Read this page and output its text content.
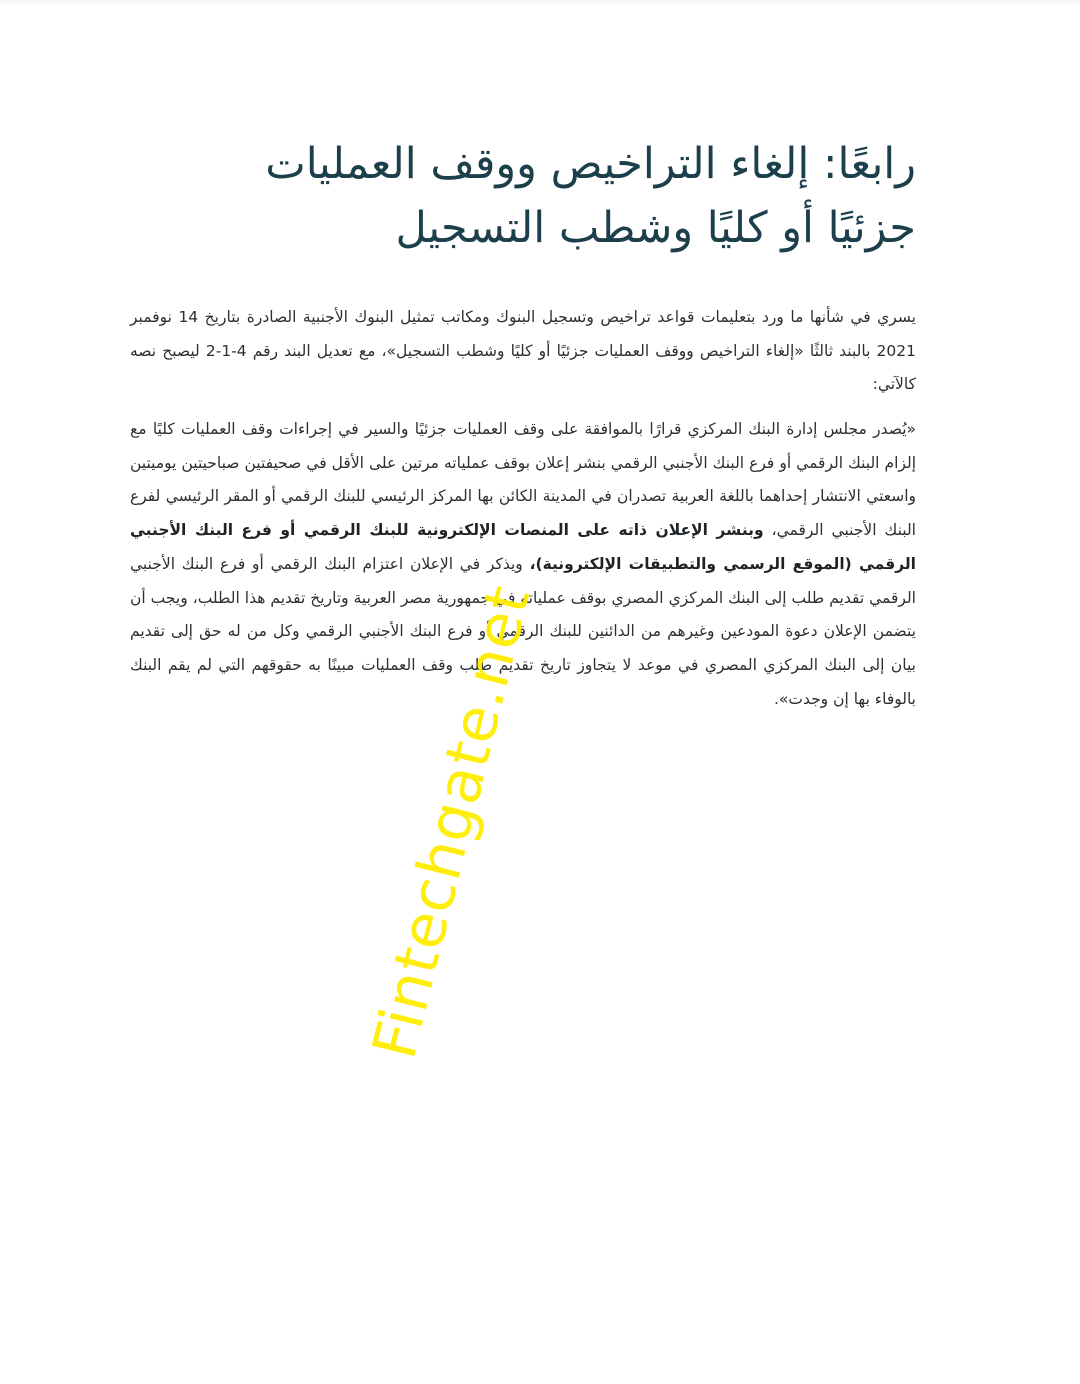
رابعًا: إلغاء التراخيص ووقف العمليات
جزئيًا أو كليًا وشطب التسجيل

يسري في شأنها ما ورد بتعليمات قواعد تراخيص وتسجيل البنوك ومكاتب تمثيل البنوك الأجنبية الصادرة بتاريخ 14 نوفمبر 2021 بالبند ثالثًا «إلغاء التراخيص ووقف العمليات جزئيًا أو كليًا وشطب التسجيل»، مع تعديل البند رقم 4-1-2 ليصبح نصه كالآتي:

«يُصدر مجلس إدارة البنك المركزي قرارًا بالموافقة على وقف العمليات جزئيًا والسير في إجراءات وقف العمليات كليًا مع إلزام البنك الرقمي أو فرع البنك الأجنبي الرقمي بنشر إعلان بوقف عملياته مرتين على الأقل في صحيفتين صباحيتين يوميتين واسعتي الانتشار إحداهما باللغة العربية تصدران في المدينة الكائن بها المركز الرئيسي للبنك الرقمي أو المقر الرئيسي لفرع البنك الأجنبي الرقمي، وبنشر الإعلان ذاته على المنصات الإلكترونية للبنك الرقمي أو فرع البنك الأجنبي الرقمي (الموقع الرسمي والتطبيقات الإلكترونية)، ويذكر في الإعلان اعتزام البنك الرقمي أو فرع البنك الأجنبي الرقمي تقديم طلب إلى البنك المركزي المصري بوقف عملياته في جمهورية مصر العربية وتاريخ تقديم هذا الطلب، ويجب أن يتضمن الإعلان دعوة المودعين وغيرهم من الدائنين للبنك الرقمي أو فرع البنك الأجنبي الرقمي وكل من له حق إلى تقديم بيان إلى البنك المركزي المصري في موعد لا يتجاوز تاريخ تقديم طلب وقف العمليات مبينًا به حقوقهم التي لم يقم البنك بالوفاء بها إن وجدت».

Fintechgate.net
